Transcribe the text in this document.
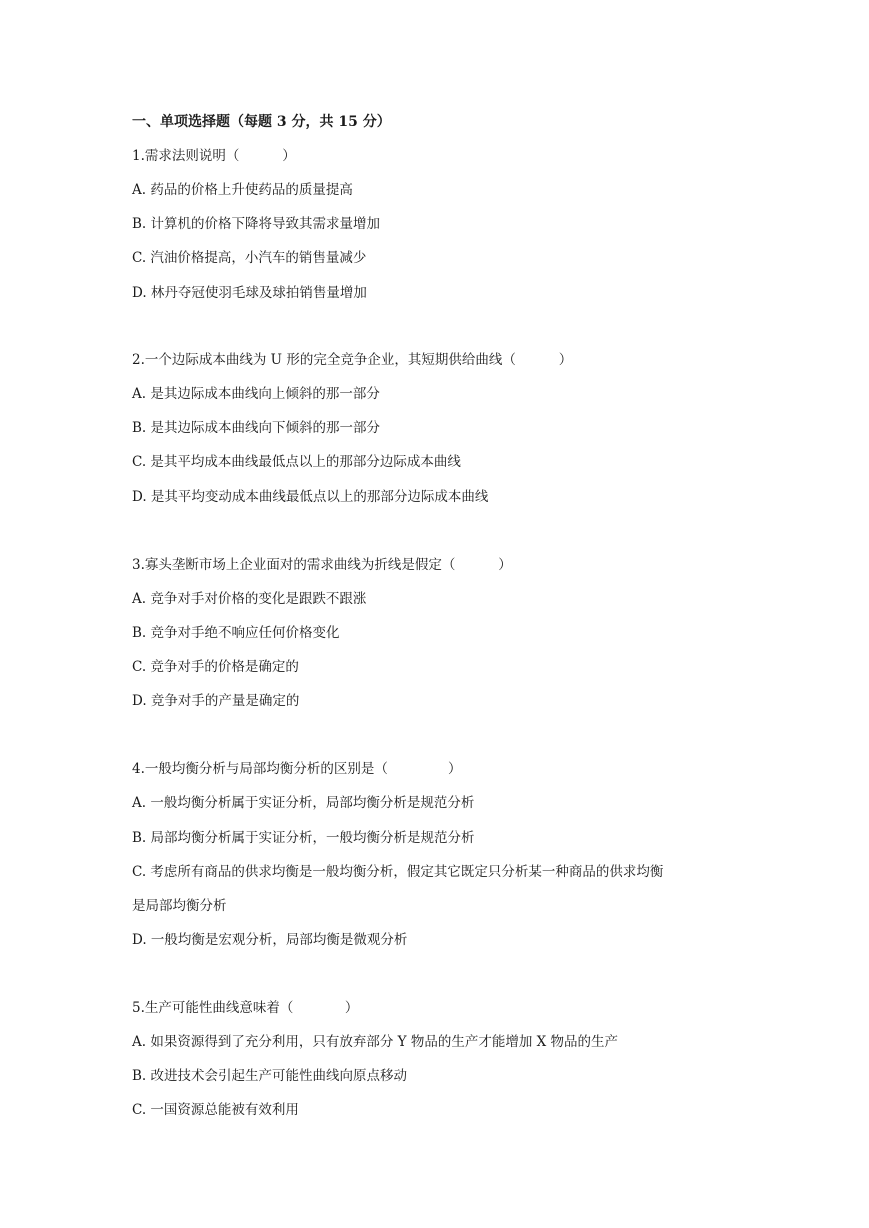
一、单项选择题（每题 3 分，共 15 分）
1.需求法则说明（          ）
A. 药品的价格上升使药品的质量提高
B. 计算机的价格下降将导致其需求量增加
C. 汽油价格提高，小汽车的销售量减少
D. 林丹夺冠使羽毛球及球拍销售量增加
2.一个边际成本曲线为 U 形的完全竞争企业，其短期供给曲线（          ）
A. 是其边际成本曲线向上倾斜的那一部分
B. 是其边际成本曲线向下倾斜的那一部分
C. 是其平均成本曲线最低点以上的那部分边际成本曲线
D. 是其平均变动成本曲线最低点以上的那部分边际成本曲线
3.寡头垄断市场上企业面对的需求曲线为折线是假定（          ）
A. 竞争对手对价格的变化是跟跌不跟涨
B. 竞争对手绝不响应任何价格变化
C. 竞争对手的价格是确定的
D. 竞争对手的产量是确定的
4.一般均衡分析与局部均衡分析的区别是（              ）
A. 一般均衡分析属于实证分析，局部均衡分析是规范分析
B. 局部均衡分析属于实证分析，一般均衡分析是规范分析
C. 考虑所有商品的供求均衡是一般均衡分析，假定其它既定只分析某一种商品的供求均衡
是局部均衡分析
D. 一般均衡是宏观分析，局部均衡是微观分析
5.生产可能性曲线意味着（            ）
A. 如果资源得到了充分利用，只有放弃部分 Y 物品的生产才能增加 X 物品的生产
B. 改进技术会引起生产可能性曲线向原点移动
C. 一国资源总能被有效利用
